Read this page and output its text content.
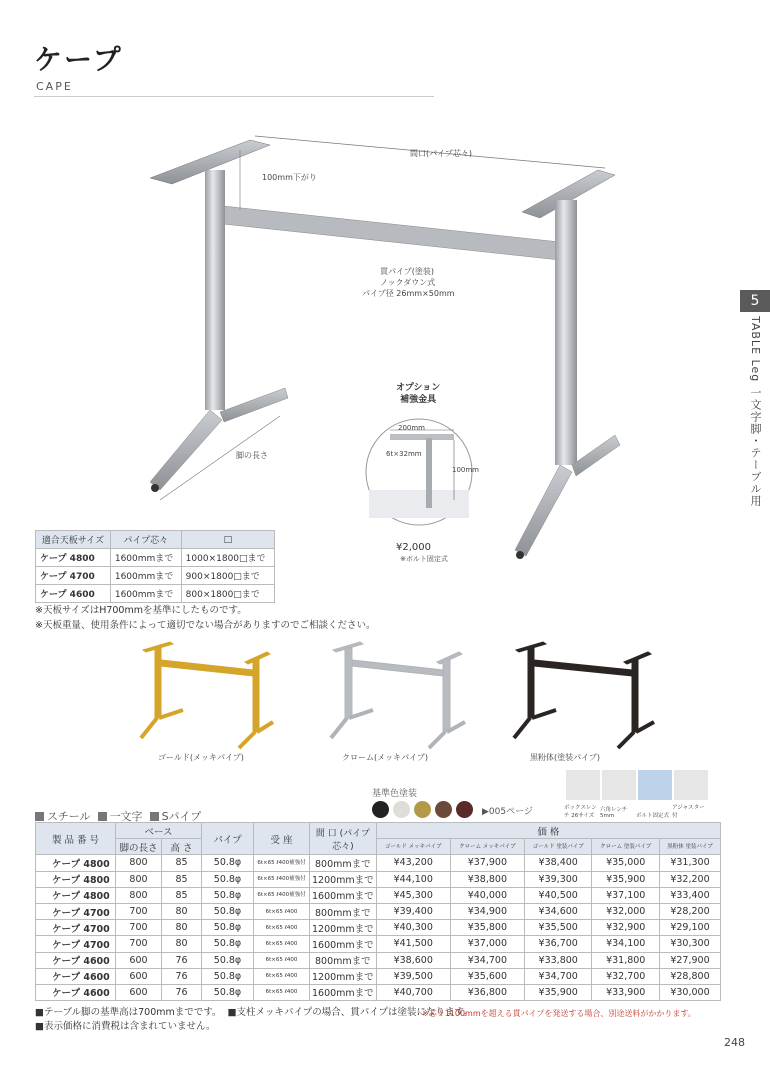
ケープ
CAPE
5
TABLE Leg 一文字脚・テーブル用
間口(パイプ芯々)
100mm下がり
貫パイプ(塗装)
ノックダウン式
パイプ径 26mm×50mm
脚の長さ
オプション
補強金具
200mm
6t×32mm
100mm
¥2,000
※ボルト固定式
適合天板サイズ	パイプ芯々	□
ケープ 4800	1600mmまで	1000×1800□まで
ケープ 4700	1600mmまで	900×1800□まで
ケープ 4600	1600mmまで	800×1800□まで
※天板サイズはH700mmを基準にしたものです。
※天板重量、使用条件によって適切でない場合がありますのでご相談ください。
ゴールド(メッキパイプ)	クローム(メッキパイプ)	黒粉体(塗装パイプ)
スチール 一文字 Sパイプ
基準色塗装
▶005ページ	ボックスレンチ 26サイズ六角レンチ 5mm	ボルト固定式アジャスター付
製 品 番 号	ベース		パイプ	受 座	間 口 (パイプ芯々)	価 格				
	脚の長さ	高 さ				ゴールド メッキパイプ	クローム メッキパイプ	ゴールド 塗装パイプ	クローム 塗装パイプ	黒粉体 塗装パイプ

ケープ 4800	800	85	50.8φ	6t×65 ℓ400補強付	800mmまで	¥43,200	¥37,900	¥38,400	¥35,000	¥31,300
ケープ 4800	800	85	50.8φ	6t×65 ℓ400補強付	1200mmまで	¥44,100	¥38,800	¥39,300	¥35,900	¥32,200
ケープ 4800	800	85	50.8φ	6t×65 ℓ400補強付	1600mmまで	¥45,300	¥40,000	¥40,500	¥37,100	¥33,400
ケープ 4700	700	80	50.8φ	6t×65 ℓ400	800mmまで	¥39,400	¥34,900	¥34,600	¥32,000	¥28,200
ケープ 4700	700	80	50.8φ	6t×65 ℓ400	1200mmまで	¥40,300	¥35,800	¥35,500	¥32,900	¥29,100
ケープ 4700	700	80	50.8φ	6t×65 ℓ400	1600mmまで	¥41,500	¥37,000	¥36,700	¥34,100	¥30,300
ケープ 4600	600	76	50.8φ	6t×65 ℓ400	800mmまで	¥38,600	¥34,700	¥33,800	¥31,800	¥27,900
ケープ 4600	600	76	50.8φ	6t×65 ℓ400	1200mmまで	¥39,500	¥35,600	¥34,700	¥32,700	¥28,800
ケープ 4600	600	76	50.8φ	6t×65 ℓ400	1600mmまで	¥40,700	¥36,800	¥35,900	¥33,900	¥30,000
■テーブル脚の基準高は700mmまでです。 ■支柱メッキパイプの場合、貫パイプは塗装になります。
■表示価格に消費税は含まれていません。
※芯々1100mmを超える貫パイプを発送する場合、別途送料がかかります。
248
